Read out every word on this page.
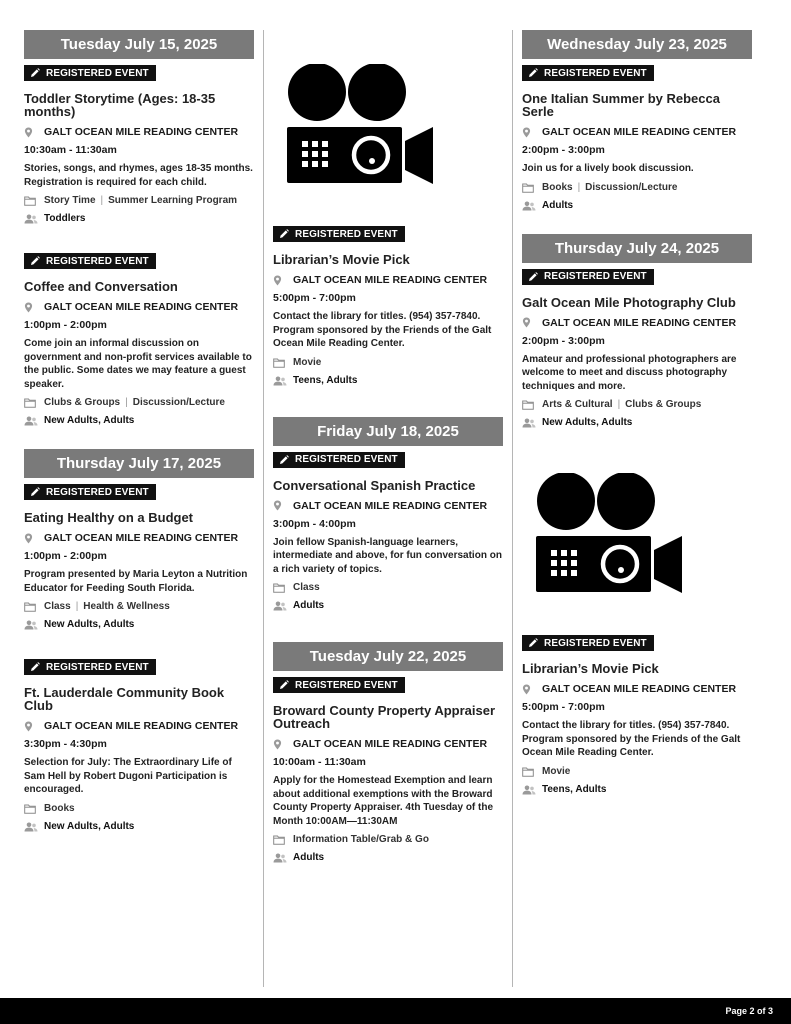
Tuesday July 15, 2025
REGISTERED EVENT
Toddler Storytime (Ages: 18-35 months)
GALT OCEAN MILE READING CENTER
10:30am - 11:30am
Stories, songs, and rhymes, ages 18-35 months. Registration is required for each child.
Story Time | Summer Learning Program
Toddlers
REGISTERED EVENT
Coffee and Conversation
GALT OCEAN MILE READING CENTER
1:00pm - 2:00pm
Come join an informal discussion on government and non-profit services available to the public. Some dates we may feature a guest speaker.
Clubs & Groups | Discussion/Lecture
New Adults, Adults
Thursday July 17, 2025
REGISTERED EVENT
Eating Healthy on a Budget
GALT OCEAN MILE READING CENTER
1:00pm - 2:00pm
Program presented by Maria Leyton a Nutrition Educator for Feeding South Florida.
Class | Health & Wellness
New Adults, Adults
REGISTERED EVENT
Ft. Lauderdale Community Book Club
GALT OCEAN MILE READING CENTER
3:30pm - 4:30pm
Selection for July: The Extraordinary Life of Sam Hell by Robert Dugoni Participation is encouraged.
Books
New Adults, Adults
REGISTERED EVENT
Librarian’s Movie Pick
GALT OCEAN MILE READING CENTER
5:00pm - 7:00pm
Contact the library for titles. (954) 357-7840. Program sponsored by the Friends of the Galt Ocean Mile Reading Center.
Movie
Teens, Adults
Friday July 18, 2025
REGISTERED EVENT
Conversational Spanish Practice
GALT OCEAN MILE READING CENTER
3:00pm - 4:00pm
Join fellow Spanish-language learners, intermediate and above, for fun conversation on a rich variety of topics.
Class
Adults
Tuesday July 22, 2025
REGISTERED EVENT
Broward County Property Appraiser Outreach
GALT OCEAN MILE READING CENTER
10:00am - 11:30am
Apply for the Homestead Exemption and learn about additional exemptions with the Broward County Property Appraiser. 4th Tuesday of the Month 10:00AM—11:30AM
Information Table/Grab & Go
Adults
Wednesday July 23, 2025
REGISTERED EVENT
One Italian Summer by Rebecca Serle
GALT OCEAN MILE READING CENTER
2:00pm - 3:00pm
Join us for a lively book discussion.
Books | Discussion/Lecture
Adults
Thursday July 24, 2025
REGISTERED EVENT
Galt Ocean Mile Photography Club
GALT OCEAN MILE READING CENTER
2:00pm - 3:00pm
Amateur and professional photographers are welcome to meet and discuss photography techniques and more.
Arts & Cultural | Clubs & Groups
New Adults, Adults
REGISTERED EVENT
Librarian’s Movie Pick
GALT OCEAN MILE READING CENTER
5:00pm - 7:00pm
Contact the library for titles. (954) 357-7840. Program sponsored by the Friends of the Galt Ocean Mile Reading Center.
Movie
Teens, Adults
Page 2 of 3
